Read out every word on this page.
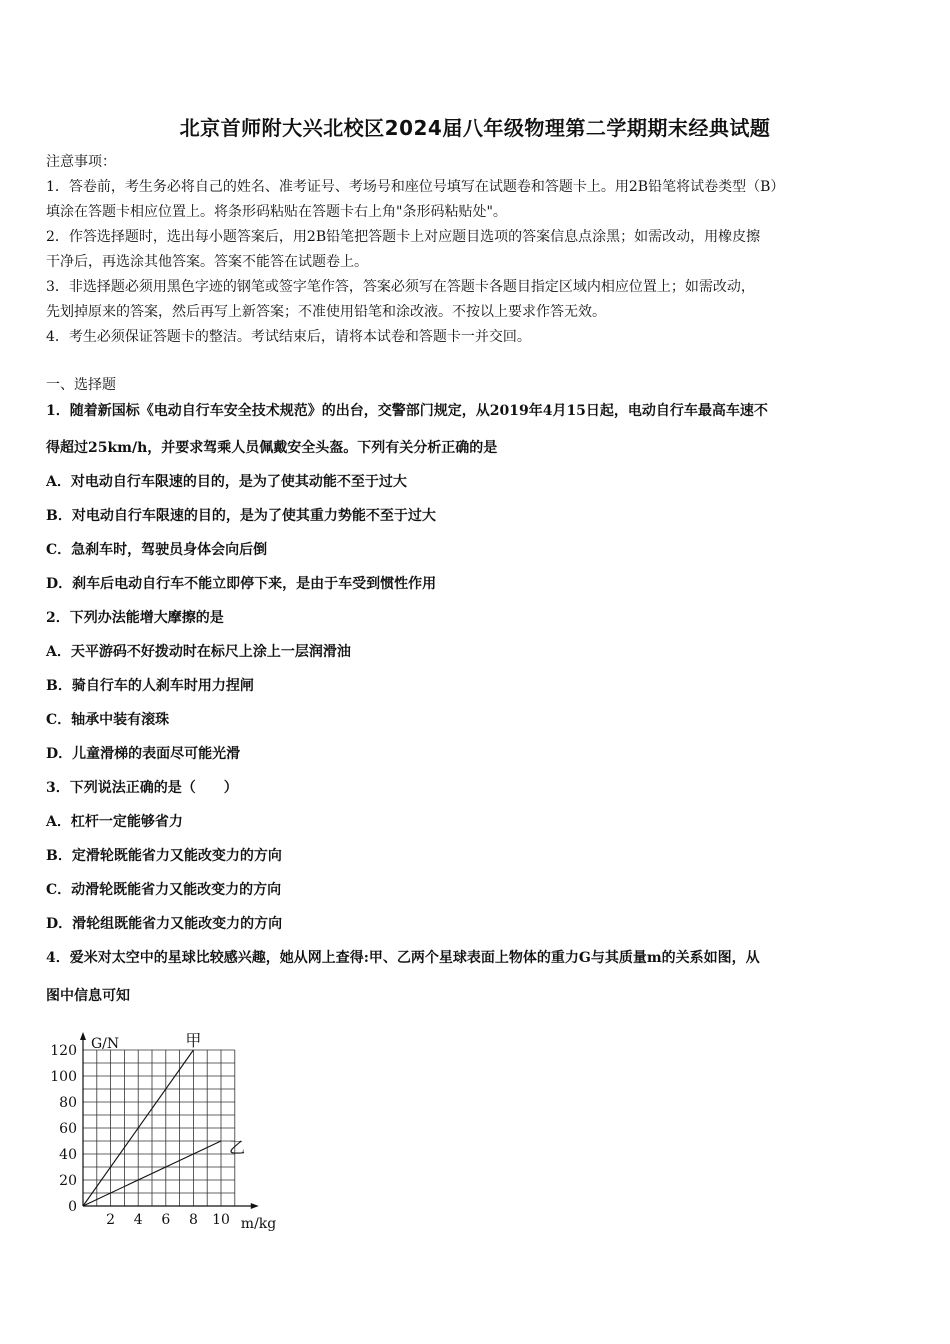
北京首师附大兴北校区2024届八年级物理第二学期期末经典试题
注意事项：
1．答卷前，考生务必将自己的姓名、准考证号、考场号和座位号填写在试题卷和答题卡上。用2B铅笔将试卷类型（B）
填涂在答题卡相应位置上。将条形码粘贴在答题卡右上角"条形码粘贴处"。
2．作答选择题时，选出每小题答案后，用2B铅笔把答题卡上对应题目选项的答案信息点涂黑；如需改动，用橡皮擦
干净后，再选涂其他答案。答案不能答在试题卷上。
3．非选择题必须用黑色字迹的钢笔或签字笔作答，答案必须写在答题卡各题目指定区域内相应位置上；如需改动，
先划掉原来的答案，然后再写上新答案；不准使用铅笔和涂改液。不按以上要求作答无效。
4．考生必须保证答题卡的整洁。考试结束后，请将本试卷和答题卡一并交回。
一、选择题
1．随着新国标《电动自行车安全技术规范》的出台，交警部门规定，从2019年4月15日起，电动自行车最高车速不
得超过25km/h，并要求驾乘人员佩戴安全头盔。下列有关分析正确的是
A．对电动自行车限速的目的，是为了使其动能不至于过大
B．对电动自行车限速的目的，是为了使其重力势能不至于过大
C．急刹车时，驾驶员身体会向后倒
D．刹车后电动自行车不能立即停下来，是由于车受到惯性作用
2．下列办法能增大摩擦的是
A．天平游码不好拨动时在标尺上涂上一层润滑油
B．骑自行车的人刹车时用力捏闸
C．轴承中装有滚珠
D．儿童滑梯的表面尽可能光滑
3．下列说法正确的是（　　）
A．杠杆一定能够省力
B．定滑轮既能省力又能改变力的方向
C．动滑轮既能省力又能改变力的方向
D．滑轮组既能省力又能改变力的方向
4．爱米对太空中的星球比较感兴趣，她从网上查得:甲、乙两个星球表面上物体的重力G与其质量m的关系如图，从
图中信息可知
0
20
40
60
80
100
120
2 4 6 8 10
G/N
m/kg
甲
乙
